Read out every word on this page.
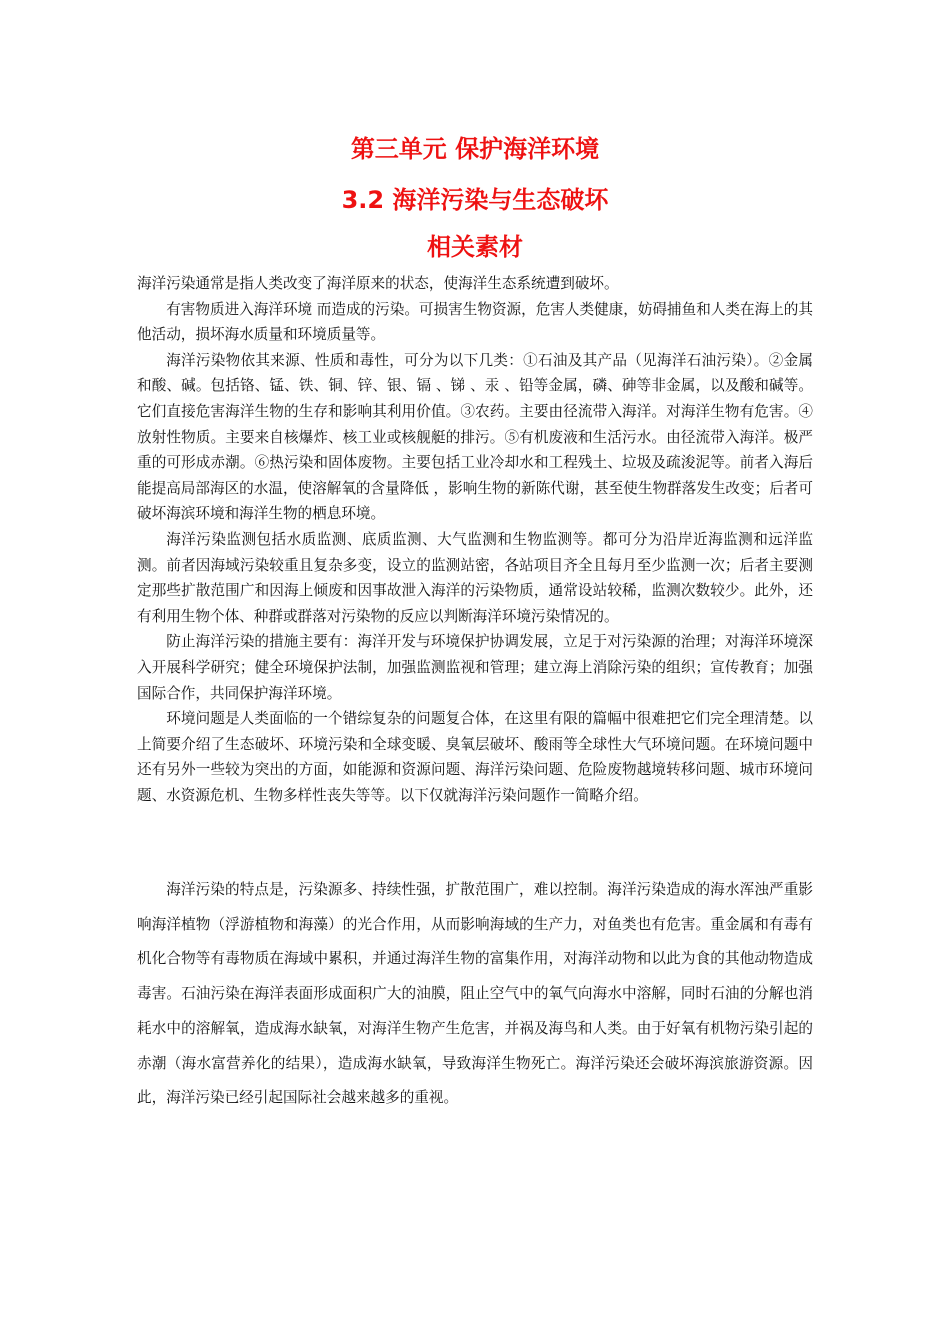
第三单元 保护海洋环境
3.2 海洋污染与生态破坏
相关素材

海洋污染通常是指人类改变了海洋原来的状态，使海洋生态系统遭到破坏。

有害物质进入海洋环境 而造成的污染。可损害生物资源，危害人类健康，妨碍捕鱼和人类在海上的其他活动，损坏海水质量和环境质量等。

海洋污染物依其来源、性质和毒性，可分为以下几类：①石油及其产品（见海洋石油污染）。②金属和酸、碱。包括铬、锰、铁、铜、锌、银、镉 、锑 、汞 、铅等金属，磷、砷等非金属，以及酸和碱等。它们直接危害海洋生物的生存和影响其利用价值。③农药。主要由径流带入海洋。对海洋生物有危害。④放射性物质。主要来自核爆炸、核工业或核舰艇的排污。⑤有机废液和生活污水。由径流带入海洋。极严重的可形成赤潮。⑥热污染和固体废物。主要包括工业冷却水和工程残土、垃圾及疏浚泥等。前者入海后能提高局部海区的水温，使溶解氧的含量降低 ，影响生物的新陈代谢，甚至使生物群落发生改变；后者可破坏海滨环境和海洋生物的栖息环境。

海洋污染监测包括水质监测、底质监测、大气监测和生物监测等。都可分为沿岸近海监测和远洋监测。前者因海域污染较重且复杂多变，设立的监测站密，各站项目齐全且每月至少监测一次；后者主要测定那些扩散范围广和因海上倾废和因事故泄入海洋的污染物质，通常设站较稀，监测次数较少。此外，还有利用生物个体、种群或群落对污染物的反应以判断海洋环境污染情况的。

防止海洋污染的措施主要有：海洋开发与环境保护协调发展，立足于对污染源的治理；对海洋环境深入开展科学研究；健全环境保护法制，加强监测监视和管理；建立海上消除污染的组织；宣传教育；加强国际合作，共同保护海洋环境。

环境问题是人类面临的一个错综复杂的问题复合体，在这里有限的篇幅中很难把它们完全理清楚。以上简要介绍了生态破坏、环境污染和全球变暖、臭氧层破坏、酸雨等全球性大气环境问题。在环境问题中还有另外一些较为突出的方面，如能源和资源问题、海洋污染问题、危险废物越境转移问题、城市环境问题、水资源危机、生物多样性丧失等等。以下仅就海洋污染问题作一简略介绍。

海洋污染的特点是，污染源多、持续性强，扩散范围广，难以控制。海洋污染造成的海水浑浊严重影响海洋植物（浮游植物和海藻）的光合作用，从而影响海域的生产力，对鱼类也有危害。重金属和有毒有机化合物等有毒物质在海域中累积，并通过海洋生物的富集作用，对海洋动物和以此为食的其他动物造成毒害。石油污染在海洋表面形成面积广大的油膜，阻止空气中的氧气向海水中溶解，同时石油的分解也消耗水中的溶解氧，造成海水缺氧，对海洋生物产生危害，并祸及海鸟和人类。由于好氧有机物污染引起的赤潮（海水富营养化的结果），造成海水缺氧，导致海洋生物死亡。海洋污染还会破坏海滨旅游资源。因此，海洋污染已经引起国际社会越来越多的重视。
